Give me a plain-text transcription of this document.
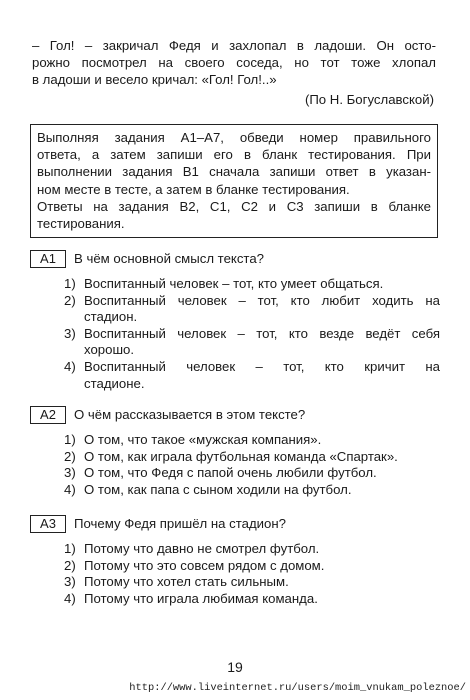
– Гол! – закричал Федя и захлопал в ладоши. Он осто-
рожно посмотрел на своего соседа, но тот тоже хлопал
в ладоши и весело кричал: «Гол! Гол!..»
(По Н. Богуславской)
Выполняя задания А1–А7, обведи номер правильного
ответа, а затем запиши его в бланк тестирования. При
выполнении задания В1 сначала запиши ответ в указан-
ном месте в тесте, а затем в бланке тестирования.
Ответы на задания В2, С1, С2 и С3 запиши в бланке
тестирования.
А1	В чём основной смысл текста?
1) Воспитанный человек – тот, кто умеет общаться.
2) Воспитанный человек – тот, кто любит ходить на
стадион.
3) Воспитанный человек – тот, кто везде ведёт себя
хорошо.
4) Воспитанный человек – тот, кто кричит на
стадионе.
А2	О чём рассказывается в этом тексте?
1) О том, что такое «мужская компания».
2) О том, как играла футбольная команда «Спартак».
3) О том, что Федя с папой очень любили футбол.
4) О том, как папа с сыном ходили на футбол.
А3	Почему Федя пришёл на стадион?
1) Потому что давно не смотрел футбол.
2) Потому что это совсем рядом с домом.
3) Потому что хотел стать сильным.
4) Потому что играла любимая команда.
19
http://www.liveinternet.ru/users/moim_vnukam_poleznoe/
